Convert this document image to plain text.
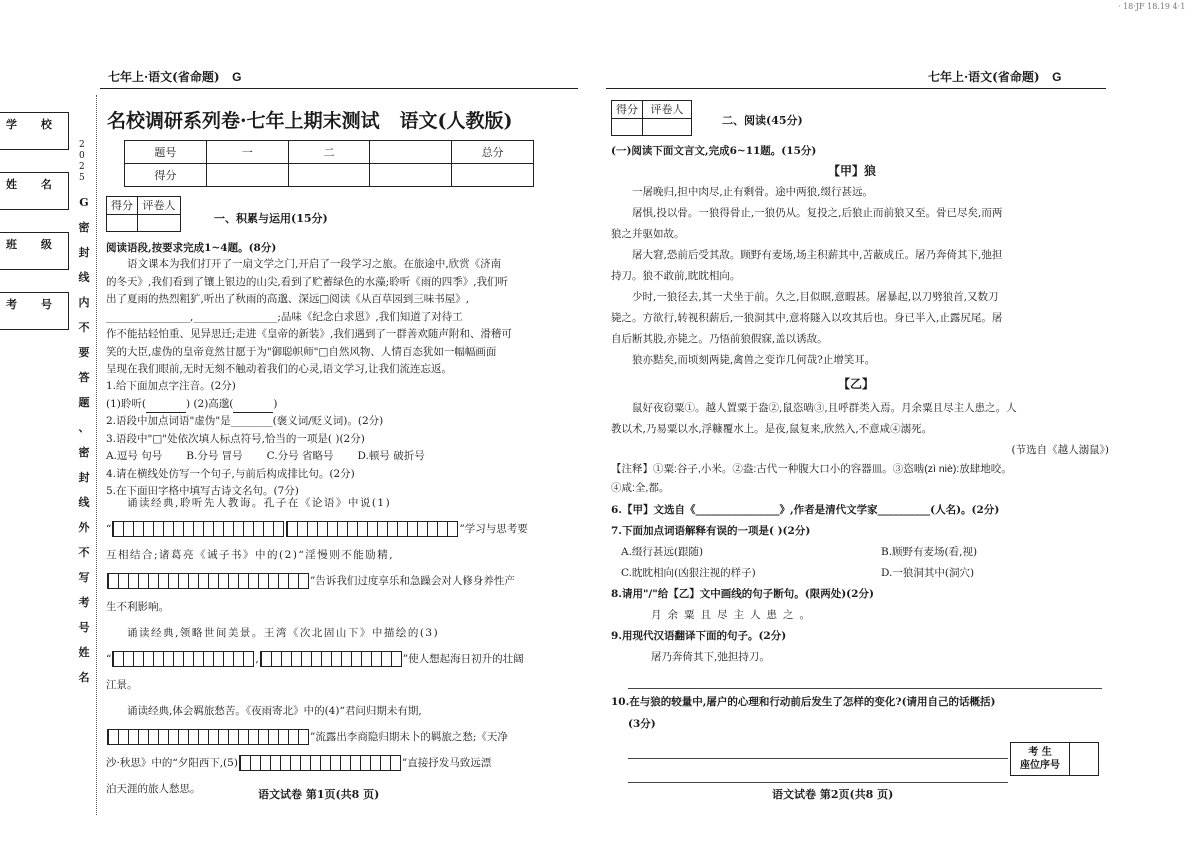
· 18·JF 18.19 4·1
学 校
姓 名
班 级
考 号
2025
G
密
封
线
内
不
要
答
题
、
密
封
线
外
不
写
考
号
姓
名
七年上·语文(省命题) G
名校调研系列卷·七年上期末测试 语文(人教版)
题号	一	二		总分
得分				
得分	评卷人

一、积累与运用(15分)
阅读语段,按要求完成1~4题。(8分)
语文课本为我们打开了一扇文学之门,开启了一段学习之旅。在旅途中,欣赏《济南
的冬天》,我们看到了镶上银边的山尖,看到了贮蓄绿色的水藻;聆听《雨的四季》,我们听
出了夏雨的热烈粗犷,听出了秋雨的高邈、深远□阅读《从百草园到三味书屋》,
________________,________________;品味《纪念白求恩》,我们知道了对待工
作不能拈轻怕重、见异思迁;走进《皇帝的新装》,我们遇到了一群善欢随声附和、滑稽可
笑的大臣,虚伪的皇帝竟然甘愿于为"御聪帜师"□自然风物、人情百态犹如一幅幅画面
呈现在我们眼前,无时无刻不触动着我们的心灵,语文学习,让我们流连忘返。
1.给下面加点字注音。(2分)
(1)聆听(	) (2)高邈(	)
2.语段中加点词语"虚伪"是________(褒义词/贬义词)。(2分)
3.语段中"□"处依次填人标点符号,恰当的一项是( )(2分)
A.逗号 句号 B.分号 冒号 C.分号 省略号 D.顿号 破折号
4.请在横线处仿写一个句子,与前后构成排比句。(2分)
5.在下面田字格中填写古诗文名句。(7分)
诵读经典,聆听先人教诲。孔子在《论语》中说(1)
“	”学习与思考要
互相结合;诸葛亮《诫子书》中的(2)“淫慢则不能励精,
”告诉我们过度享乐和急躁会对人修身养性产
生不利影响。
诵读经典,领略世间美景。王湾《次北固山下》中描绘的(3)
“	,	”使人想起海日初升的壮阔
江景。
诵读经典,体会羁旅愁苦。《夜雨寄北》中的(4)“君问归期未有期,
”流露出李商隐归期未卜的羁旅之愁;《天净
沙·秋思》中的“夕阳西下,(5)	”直接抒发马致远漂
泊天涯的旅人愁思。	语文试卷 第1页(共8 页)
七年上·语文(省命题) G
得分	评卷人

二、阅读(45分)
(一)阅读下面文言文,完成6~11题。(15分)
【甲】狼
一屠晚归,担中肉尽,止有剩骨。途中两狼,缀行甚远。
屠惧,投以骨。一狼得骨止,一狼仍从。复投之,后狼止而前狼又至。骨已尽矣,而两
狼之并驱如故。
屠大窘,恐前后受其敌。顾野有麦场,场主积薪其中,苫蔽成丘。屠乃奔倚其下,弛担
持刀。狼不敢前,眈眈相向。
少时,一狼径去,其一犬坐于前。久之,目似瞑,意暇甚。屠暴起,以刀劈狼首,又数刀
毙之。方欲行,转视积薪后,一狼洞其中,意将隧入以攻其后也。身已半入,止露尻尾。屠
自后断其股,亦毙之。乃悟前狼假寐,盖以诱敌。
狼亦黠矣,而顷刻两毙,禽兽之变诈几何哉?止增笑耳。
【乙】
鼠好夜窃粟①。越人置粟于盎②,鼠恣啮③,且呼群类入焉。月余粟且尽主人患之。人
教以术,乃易粟以水,浮糠覆水上。是夜,鼠复来,欣然入,不意咸④溺死。
(节选自《越人溺鼠》)
【注释】①粟:谷子,小米。②盎:古代一种腹大口小的容器皿。③恣啮(zì niè):放肆地咬。
④咸:全,都。
6.【甲】文选自《________________》,作者是清代文学家__________(人名)。(2分)
7.下面加点词语解释有误的一项是( )(2分)
A.缀行甚远(跟随)	B.顾野有麦场(看,视)
C.眈眈相向(凶狠注视的样子)	D.一狼洞其中(洞穴)
8.请用"/"给【乙】文中画线的句子断句。(限两处)(2分)
月余粟且尽主人患之。
9.用现代汉语翻译下面的句子。(2分)
屠乃奔倚其下,弛担持刀。
10.在与狼的较量中,屠户的心理和行动前后发生了怎样的变化?(请用自己的话概括)
(3分)
考 生
座位序号

语文试卷 第2页(共8 页)
